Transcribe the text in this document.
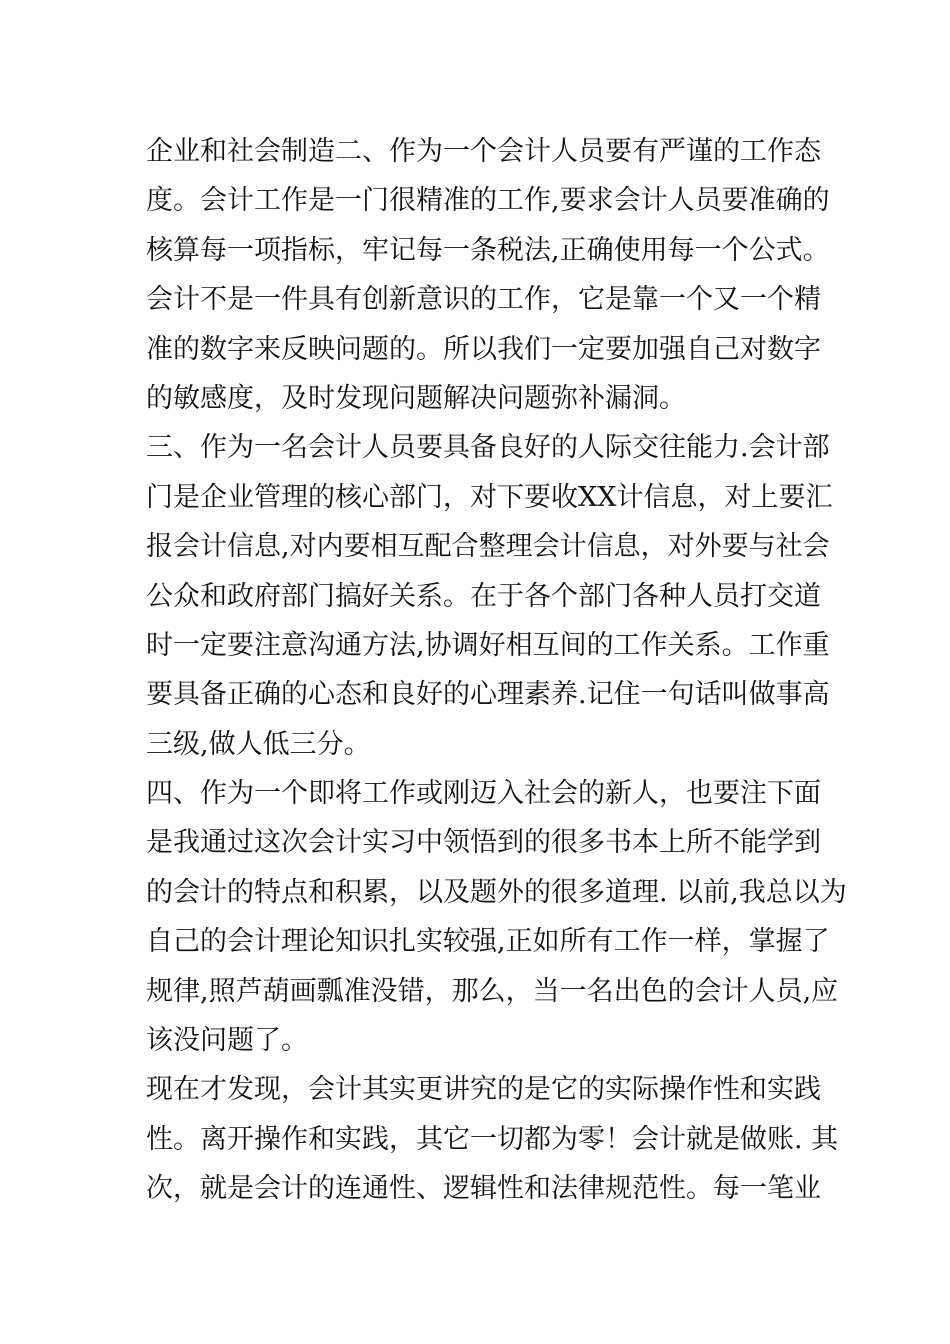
企业和社会制造二、作为一个会计人员要有严谨的工作态
度。会计工作是一门很精准的工作,要求会计人员要准确的
核算每一项指标，牢记每一条税法,正确使用每一个公式。
会计不是一件具有创新意识的工作，它是靠一个又一个精
准的数字来反映问题的。所以我们一定要加强自己对数字
的敏感度，及时发现问题解决问题弥补漏洞。
三、作为一名会计人员要具备良好的人际交往能力.会计部
门是企业管理的核心部门，对下要收XX计信息，对上要汇
报会计信息,对内要相互配合整理会计信息，对外要与社会
公众和政府部门搞好关系。在于各个部门各种人员打交道
时一定要注意沟通方法,协调好相互间的工作关系。工作重
要具备正确的心态和良好的心理素养.记住一句话叫做事高
三级,做人低三分。
四、作为一个即将工作或刚迈入社会的新人，也要注下面
是我通过这次会计实习中领悟到的很多书本上所不能学到
的会计的特点和积累，以及题外的很多道理. 以前,我总以为
自己的会计理论知识扎实较强,正如所有工作一样，掌握了
规律,照芦葫画瓢准没错，那么，当一名出色的会计人员,应
该没问题了。
现在才发现，会计其实更讲究的是它的实际操作性和实践
性。离开操作和实践，其它一切都为零！会计就是做账. 其
次，就是会计的连通性、逻辑性和法律规范性。每一笔业
